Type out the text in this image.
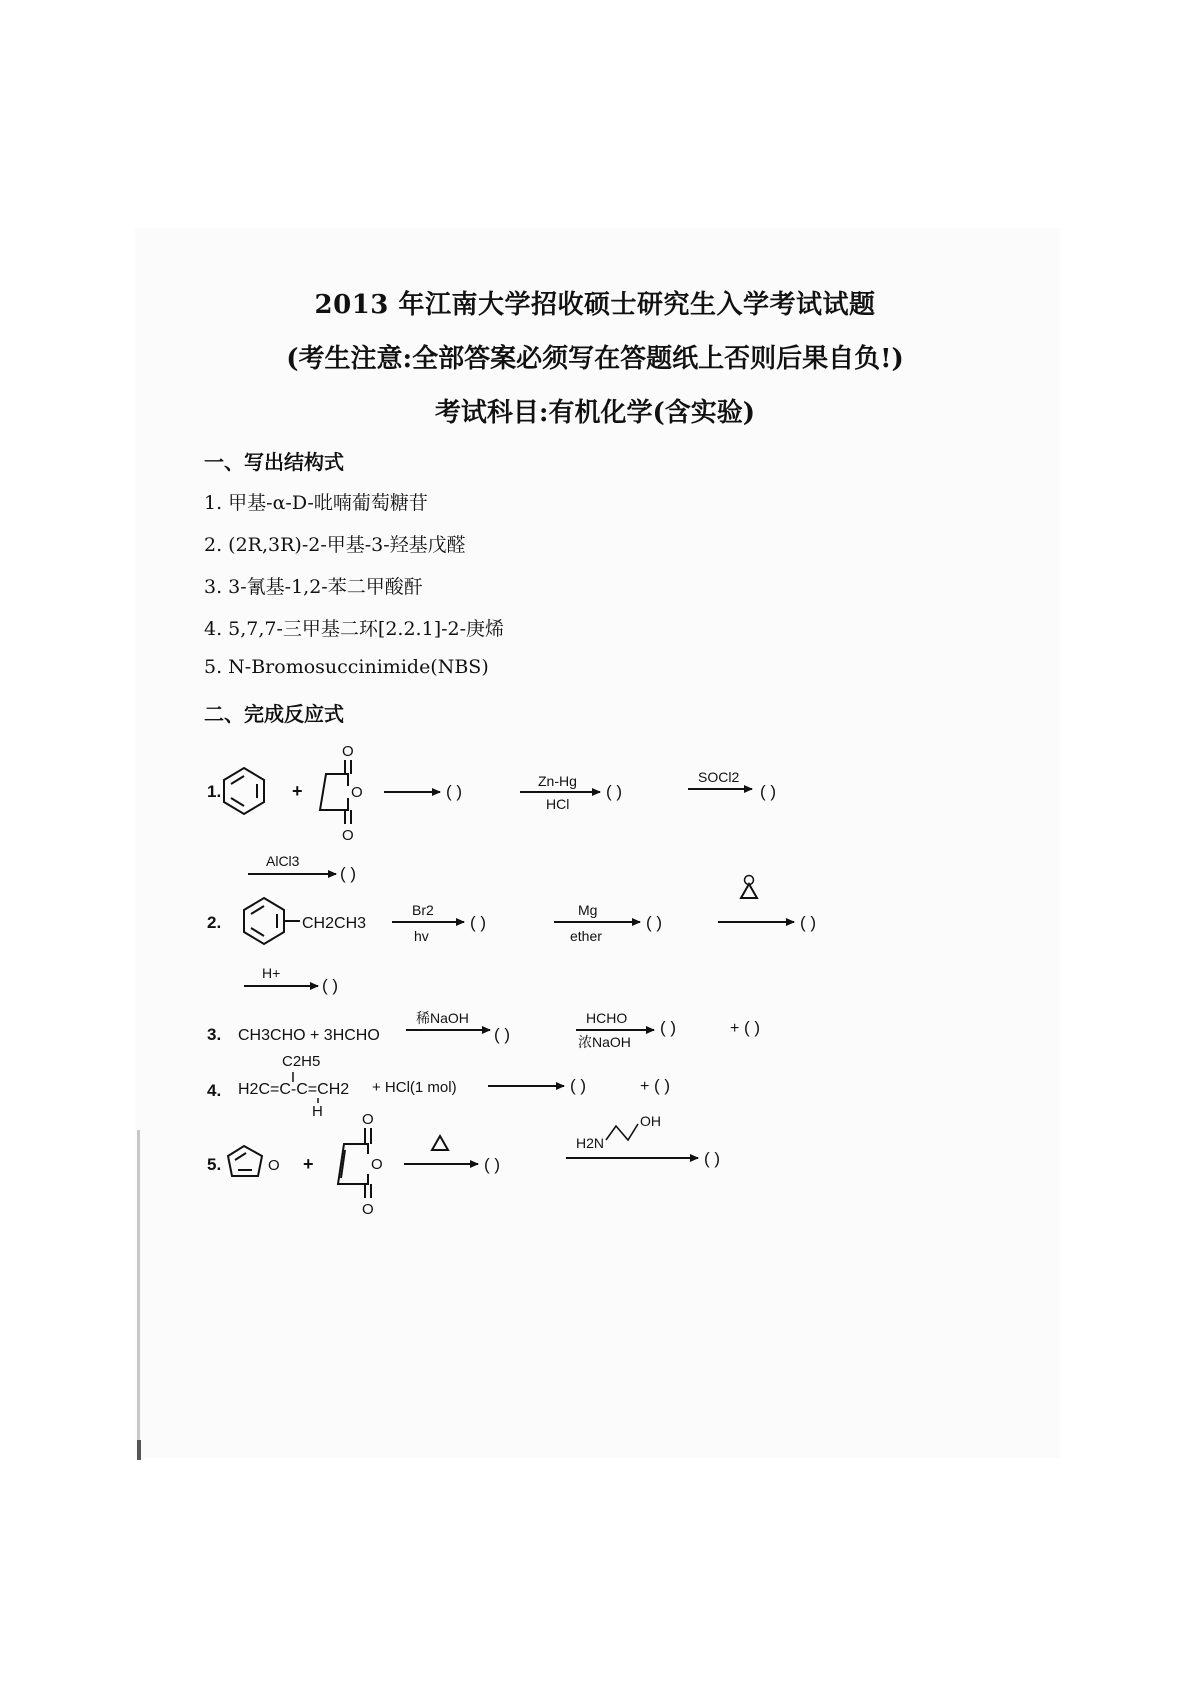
2013 年江南大学招收硕士研究生入学考试试题
(考生注意:全部答案必须写在答题纸上否则后果自负!)
考试科目:有机化学(含实验)
一、写出结构式
1. 甲基-α-D-吡喃葡萄糖苷
2. (2R,3R)-2-甲基-3-羟基戊醛
3. 3-氰基-1,2-苯二甲酸酐
4. 5,7,7-三甲基二环[2.2.1]-2-庚烯
5. N-Bromosuccinimide(NBS)
二、完成反应式
1.	+
O
O
O
( )
Zn-Hg
HCl
( )
SOCl2
( )
AlCl3
( )
2.	CH2CH3
Br2
hv
( )
Mg
ether
( )	( )
H+
( )
3. CH3CHO + 3HCHO
稀NaOH
( )
HCHO
浓NaOH
( )	+ ( )
4.
C2H5
H2C=C-C=CH2
H
+ HCl(1 mol)	( )	+ ( )
5.	O +
O
O
O
( )
H2N
OH
( )
